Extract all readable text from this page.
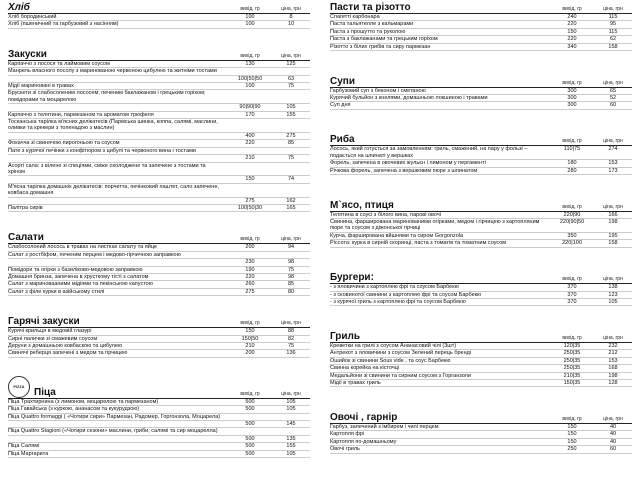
Хліб	вихід, гр	ціна, грн
Хліб бородинський	100	8
Хліб (пшеничний та гарбузовий з насінням)	100	10
Закуски	вихід, гр	ціна, грн
Карпаччо з лосося та лаймовим соусом	130	125
Манрель власного посолу з маринованою червоною цибулею та житніми тостами
100|50|50	63
Мідії мариновані в травах	100	75
Брускети зі слабосоленим лососем; печеним баклажаном і грецьким горіхом; помідорами та моцарелою
90|90|90	105
Карпаччо з телятини, пармезаном та ароматом трюфеля	170	155
Тосканська тарілка м'ясних делікатесів (Пармська шинка, коппа, салямі, маслини, оливки та крекери з топенадою з маслин)
400	275
Фокачча зі свинячою пирогоньою та соусом	220	85
Пате з курячої печінки з конфітюром з цибулі та червоного вина і тостами
210	75
Асорті сала: з вілене зі спеціями, свіже охолоджене та запечене з тостами та хріном
150	74
М'ясна тарілка домашніх делікатесів: порчетта, печінковий паштет, сало запечене, ковбаса домашня
275	162
Палітра сирів	100|50|30	165
Салати	вихід, гр	ціна, грн
Слабосолоний лосось в травах на листках салату та яйце	200	94
Салат з ростбіфом, печеним перцем і медово-гірчичною заправкою
230	98
Помідори та огірки з базиліково-медовою заправкою	190	75
Домашня бринза, запечена в хрусткому тісті з салатом	220	98
Салат з мариновааними мідіями та пекінською капустою	260	85
Салат з філе курки в азійському стилі	275	80
Гарячі закуски	вихід, гр	ціна, грн
Курячі крильця в медовій глазурі	150	88
Сирні палички зі смажевим соусом	150|50	82
Деруни з домашньою ковбаскою та цибулею	210	75
Свинячі реберця запечені з медом та гірчицею	200	136
PIZZA Піца	вихід, гр	ціна, грн
Піца Трахтирнина (з лимоном, моцарелою та пармезаном)	500	105
Піца Гавайська (з куркою, ананасом та кукурудзою)	500	105
Піца Quattro formaggi ( «Чотири сири» Пармезан, Радомер, Горгонзола, Моцарела)
500	145
Піца Quattro Stagioni («Чотири сезони» маслини, гриби, салямі та сир моцарелла)
500	135
Піца Салямі	500	155
Піца Маргарита	500	105
Пасти та різотто	вихід, гр	ціна, грн
Спагетті карбонара	240	115
Паста тальятелле з кальмарами	220	95
Паста з прошутто та руколою	150	115
Паста з баклажанами та грецьким горіхом	220	62
Різотто з білих грибів та сиру пармезан	340	158
Супи	вихід, гр	ціна, грн
Гарбузовий суп з беконом і сметаною	300	65
Курячий бульйон з кнелями, домашньою локшиною і травами	300	52
Суп дня	300	60
Риба	вихід, гр	ціна, грн
Лосось, який готується за замовленням: гриль, смажений, на пару у фользі – подається на шпинаті у вершках
110|75	274
Форель, запечена в овочевих жульєн і лимоном у пергаменті	180	153
Річкова форель, запечена з вершковим пюре з шпинатом	280	173
М`ясо, птиця	вихід, гр	ціна, грн
Телятина в соусі з білого вина, парові овочі	220|90	166
Свинина, фарширована маринованими огірками, медом і гірчицею з картопляним пюре та соусом з діжонської гірчиці
220|90|50	198
Курча, фарширована вйшнями та сиром Gorgonzola	350	195
Ріссота: курка в сирній скоринці, паста з томатів та томатним соусом	220|100	158
Бургери:	вихід, гр	ціна, грн
- з яловичини з картоплею фрі та соусом Барбекю	370	138
- з сковинотої свинини з картоплею фрі та соусом Барбекю	370	123
- з курячої гриль з картоплею фрі та соусом Барбекю	370	105
Гриль	вихід, гр	ціна, грн
Креветки на грилі з соусом Ананасовий чілі (3шт)	120|35	232
Антрекот з яловичини з соусом Зелений перець бренді	250|35	212
Ошийок зі свинини Sous vide , та соус Барбекю	250|35	153
Свинна корейка на кісточці	250|35	168
Медальйони зі свинини та сирним соусом з Горганзоли	210|35	198
Мідії в травах гриль	150|35	128
Овочі , гарнір	вихід, гр	ціна, грн
Гарбуз, запечений з імбирем і чилі перцем	150	40
Картопля фрі	150	40
Картопля по-домашньому	150	40
Овочі гриль	250	60
